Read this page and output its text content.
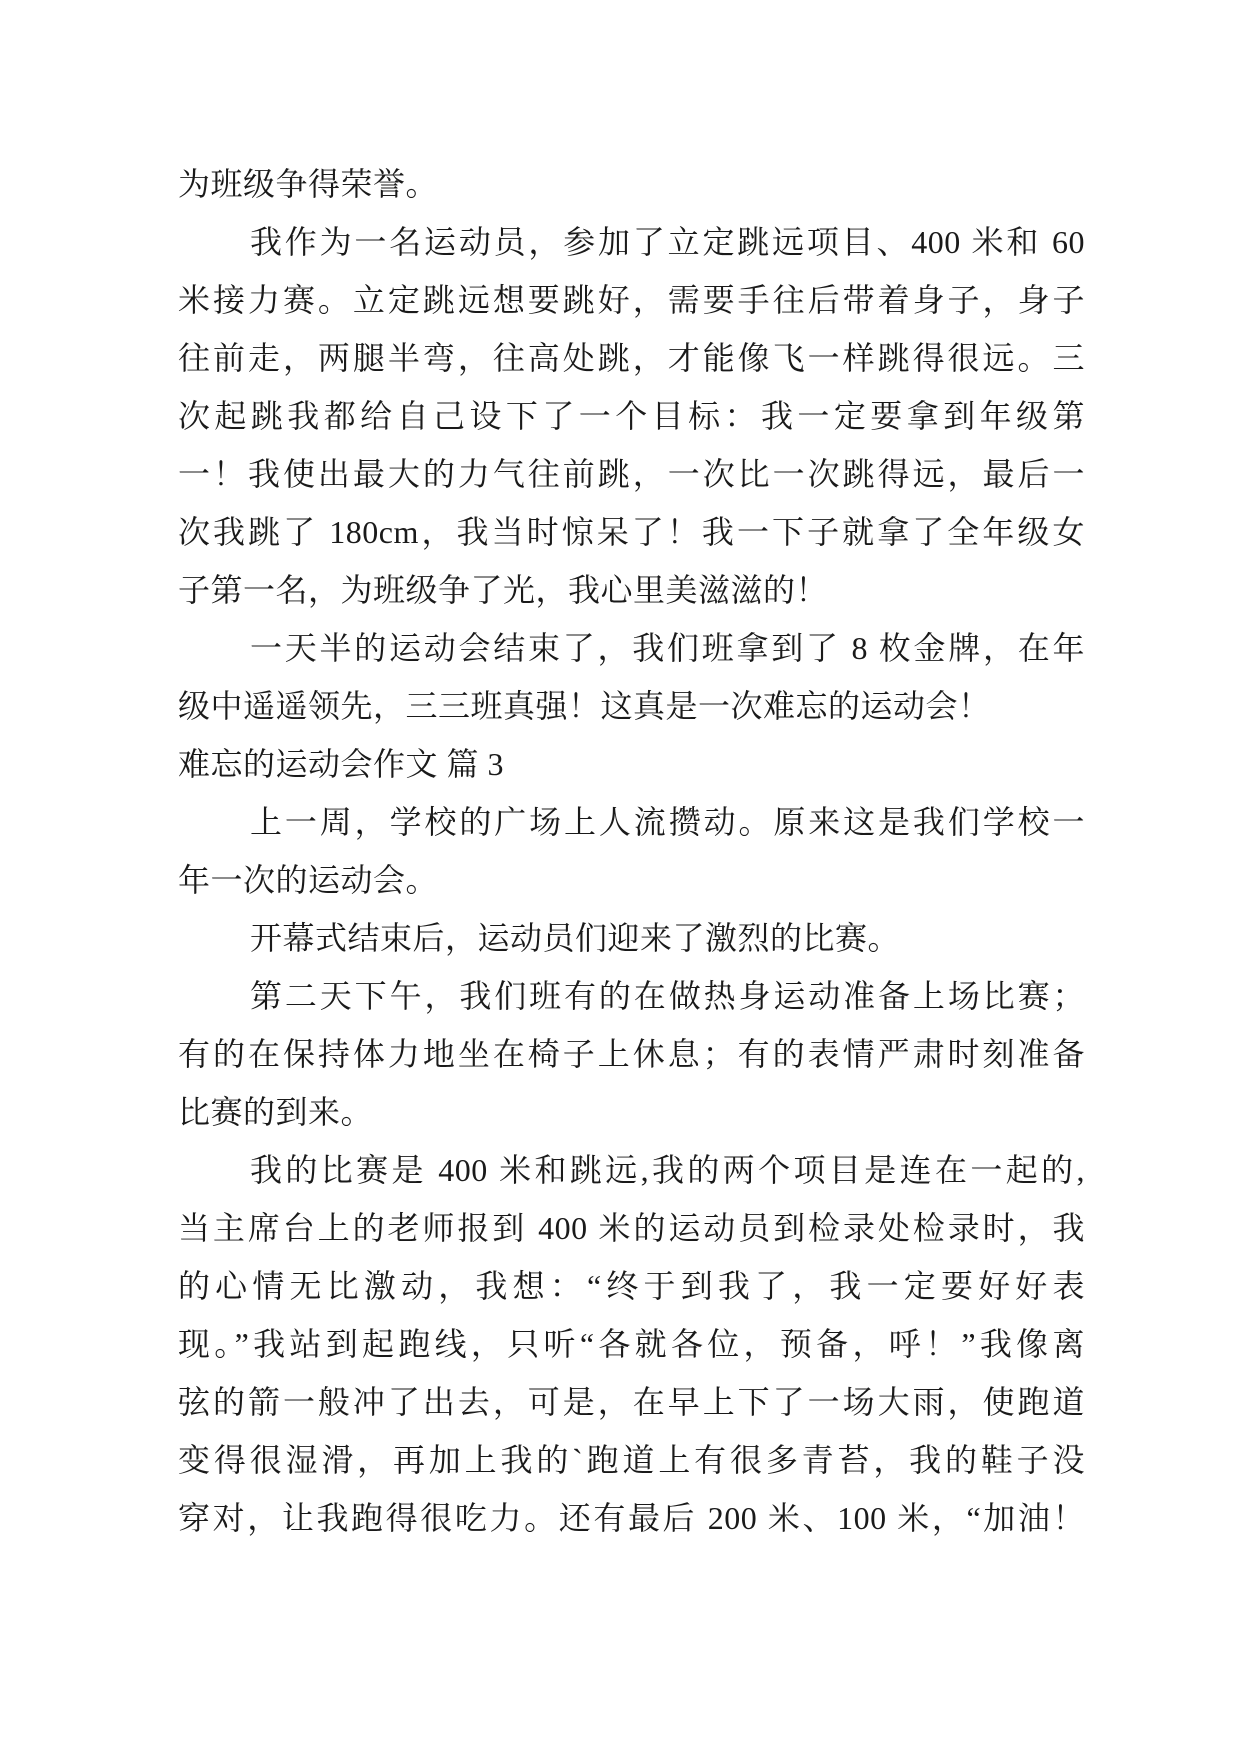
为班级争得荣誉。
我作为一名运动员，参加了立定跳远项目、400 米和 60
米接力赛。立定跳远想要跳好，需要手往后带着身子，身子
往前走，两腿半弯，往高处跳，才能像飞一样跳得很远。三
次起跳我都给自己设下了一个目标：我一定要拿到年级第
一！我使出最大的力气往前跳，一次比一次跳得远，最后一
次我跳了 180cm，我当时惊呆了！我一下子就拿了全年级女
子第一名，为班级争了光，我心里美滋滋的！
一天半的运动会结束了，我们班拿到了 8 枚金牌，在年
级中遥遥领先，三三班真强！这真是一次难忘的运动会！
难忘的运动会作文 篇 3
上一周，学校的广场上人流攒动。原来这是我们学校一
年一次的运动会。
开幕式结束后，运动员们迎来了激烈的比赛。
第二天下午，我们班有的在做热身运动准备上场比赛；
有的在保持体力地坐在椅子上休息；有的表情严肃时刻准备
比赛的到来。
我的比赛是 400 米和跳远,我的两个项目是连在一起的,
当主席台上的老师报到 400 米的运动员到检录处检录时，我
的心情无比激动，我想：“终于到我了，我一定要好好表
现。”我站到起跑线，只听“各就各位，预备，呼！”我像离
弦的箭一般冲了出去，可是，在早上下了一场大雨，使跑道
变得很湿滑，再加上我的`跑道上有很多青苔，我的鞋子没
穿对，让我跑得很吃力。还有最后 200 米、100 米，“加油！
